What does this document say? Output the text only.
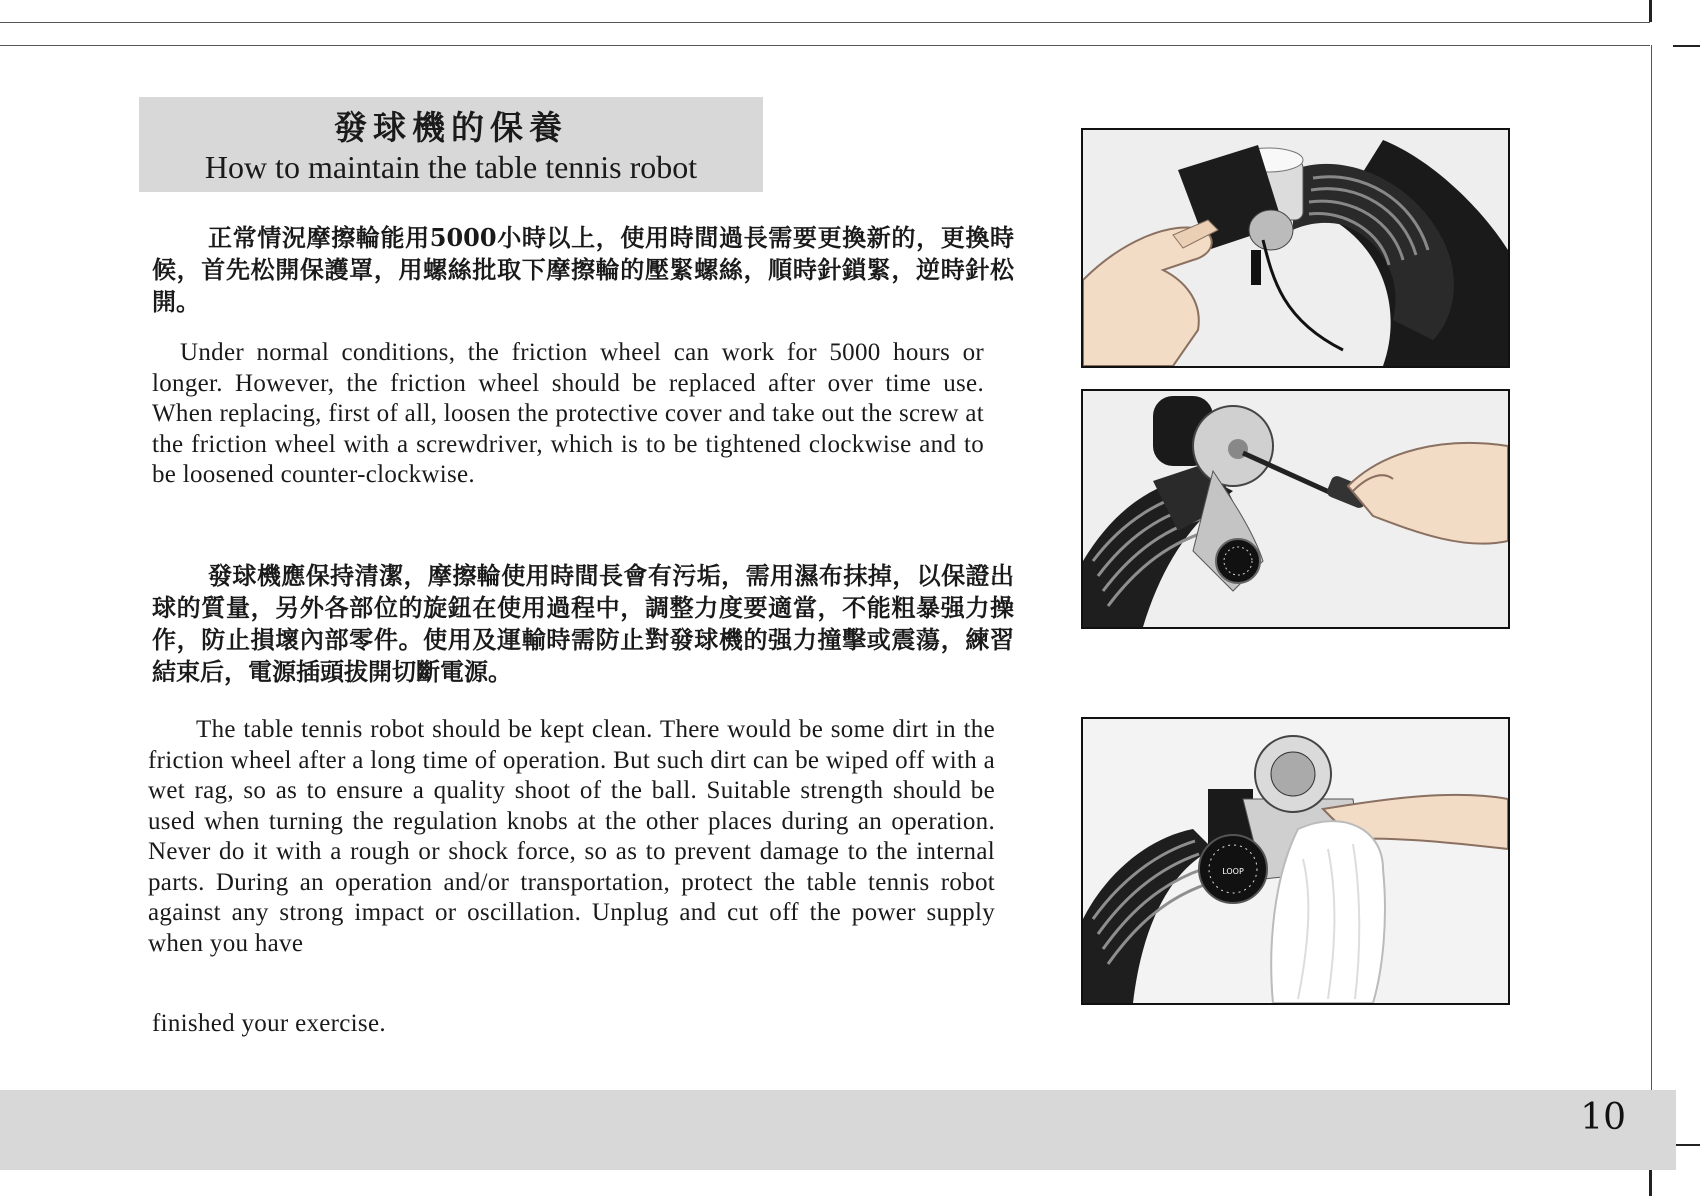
發球機的保養
How to maintain the table tennis robot

正常情況摩擦輪能用5000小時以上，使用時間過長需要更換新的，更換時候，首先松開保護罩，用螺絲批取下摩擦輪的壓緊螺絲，順時針鎖緊，逆時針松開。

Under normal conditions, the friction wheel can work for 5000 hours or longer. However, the friction wheel should be replaced after over time use. When replacing, first of all, loosen the protective cover and take out the screw at the friction wheel with a screwdriver, which is to be tightened clockwise and to be loosened counter-clockwise.

發球機應保持清潔，摩擦輪使用時間長會有污垢，需用濕布抹掉，以保證出球的質量，另外各部位的旋鈕在使用過程中，調整力度要適當，不能粗暴强力操作，防止損壞內部零件。使用及運輸時需防止對發球機的强力撞擊或震蕩，練習結束后，電源插頭拔開切斷電源。

The table tennis robot should be kept clean. There would be some dirt in the friction wheel after a long time of operation. But such dirt can be wiped off with a wet rag, so as to ensure a quality shoot of the ball. Suitable strength should be used when turning the regulation knobs at the other places during an operation. Never do it with a rough or shock force, so as to prevent damage to the internal parts. During an operation and/or transportation, protect the table tennis robot against any strong impact or oscillation. Unplug and cut off the power supply when you have

finished your exercise.

LOOP
10
